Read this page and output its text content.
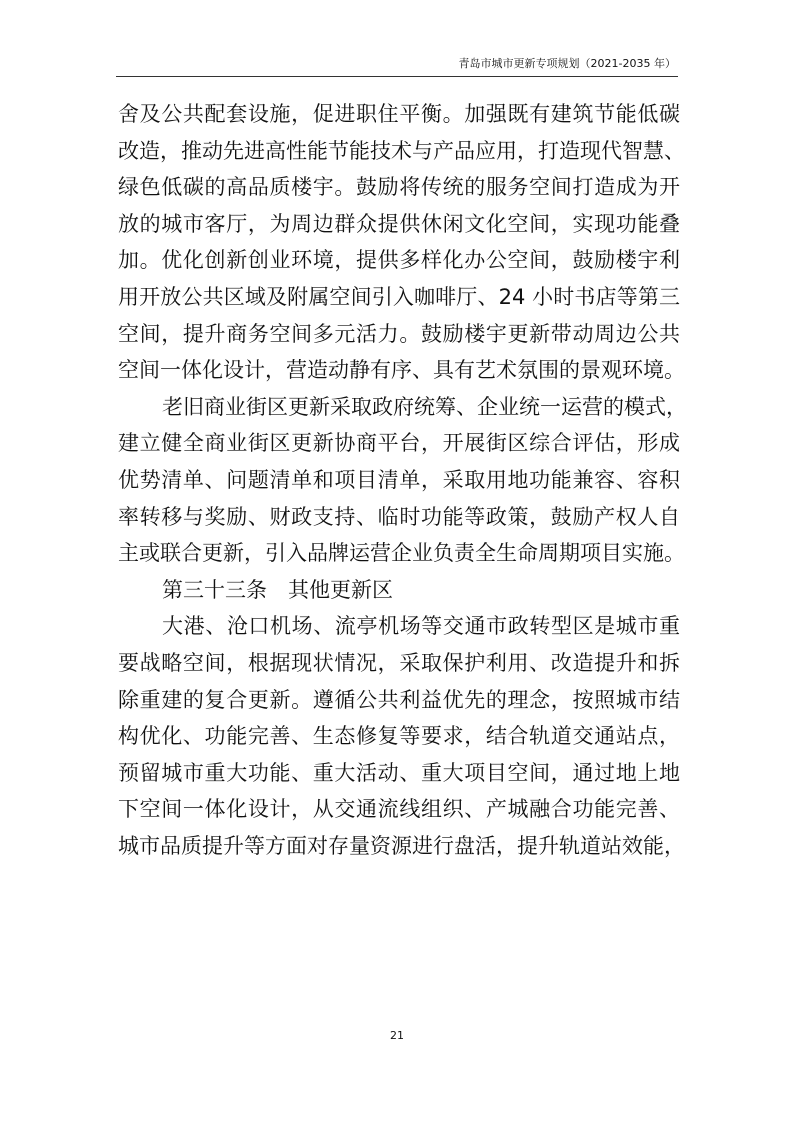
青岛市城市更新专项规划（2021-2035 年）
舍及公共配套设施，促进职住平衡。加强既有建筑节能低碳
改造，推动先进高性能节能技术与产品应用，打造现代智慧、
绿色低碳的高品质楼宇。鼓励将传统的服务空间打造成为开
放的城市客厅，为周边群众提供休闲文化空间，实现功能叠
加。优化创新创业环境，提供多样化办公空间，鼓励楼宇利
用开放公共区域及附属空间引入咖啡厅、24 小时书店等第三
空间，提升商务空间多元活力。鼓励楼宇更新带动周边公共
空间一体化设计，营造动静有序、具有艺术氛围的景观环境。
老旧商业街区更新采取政府统筹、企业统一运营的模式，
建立健全商业街区更新协商平台，开展街区综合评估，形成
优势清单、问题清单和项目清单，采取用地功能兼容、容积
率转移与奖励、财政支持、临时功能等政策，鼓励产权人自
主或联合更新，引入品牌运营企业负责全生命周期项目实施。
第三十三条　其他更新区
大港、沧口机场、流亭机场等交通市政转型区是城市重
要战略空间，根据现状情况，采取保护利用、改造提升和拆
除重建的复合更新。遵循公共利益优先的理念，按照城市结
构优化、功能完善、生态修复等要求，结合轨道交通站点，
预留城市重大功能、重大活动、重大项目空间，通过地上地
下空间一体化设计，从交通流线组织、产城融合功能完善、
城市品质提升等方面对存量资源进行盘活，提升轨道站效能，
21
